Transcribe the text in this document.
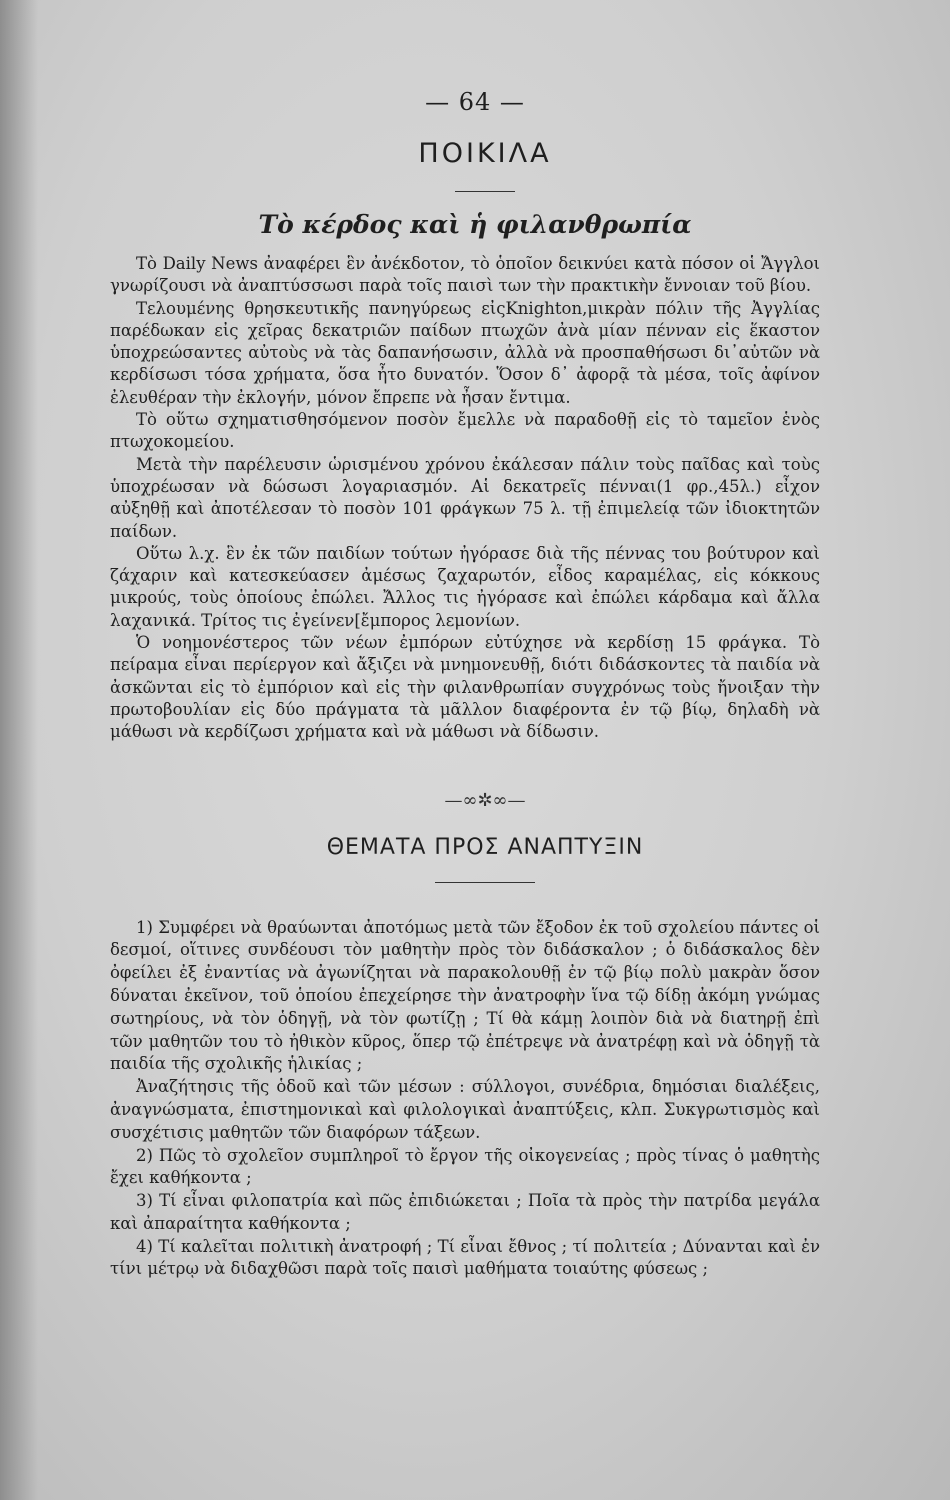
— 64 —
ΠΟΙΚΙΛΑ
Τὸ κέρδος καὶ ἡ φιλανθρωπία

Τὸ Daily News ἀναφέρει ἓν ἀνέκδοτον, τὸ ὁποῖον δεικνύει κατὰ πόσον οἱ Ἄγγλοι γνωρίζουσι νὰ ἀναπτύσσωσι παρὰ τοῖς παισὶ των τὴν πρακτικὴν ἔννοιαν τοῦ βίου.

Τελουμένης θρησκευτικῆς πανηγύρεως εἰςKnighton,μικρὰν πόλιν τῆς Ἀγγλίας παρέδωκαν εἰς χεῖρας δεκατριῶν παίδων πτωχῶν ἀνὰ μίαν πένναν εἰς ἕκαστον ὑποχρεώσαντες αὐτοὺς νὰ τὰς δαπανήσωσιν, ἀλλὰ νὰ προσπαθήσωσι δι᾿αὐτῶν νὰ κερδίσωσι τόσα χρήματα, ὅσα ἦτο δυνατόν. Ὅσον δ᾿ ἀφορᾷ τὰ μέσα, τοῖς ἀφίνον ἐλευθέραν τὴν ἐκλογήν, μόνον ἔπρεπε νὰ ἦσαν ἔντιμα.

Τὸ οὕτω σχηματισθησόμενον ποσὸν ἔμελλε νὰ παραδοθῇ εἰς τὸ ταμεῖον ἑνὸς πτωχοκομείου.

Μετὰ τὴν παρέλευσιν ὡρισμένου χρόνου ἐκάλεσαν πάλιν τοὺς παῖδας καὶ τοὺς ὑποχρέωσαν νὰ δώσωσι λογαριασμόν. Αἱ δεκατρεῖς πένναι(1 φρ.,45λ.) εἶχον αὐξηθῇ καὶ ἀποτέλεσαν τὸ ποσὸν 101 φράγκων 75 λ. τῇ ἐπιμελείᾳ τῶν ἰδιοκτητῶν παίδων.

Οὕτω λ.χ. ἓν ἐκ τῶν παιδίων τούτων ἠγόρασε διὰ τῆς πέννας του βούτυρον καὶ ζάχαριν καὶ κατεσκεύασεν ἀμέσως ζαχαρωτόν, εἶδος καραμέλας, εἰς κόκκους μικρούς, τοὺς ὁποίους ἐπώλει. Ἄλλος τις ἠγόρασε καὶ ἐπώλει κάρδαμα καὶ ἄλλα λαχανικά. Τρίτος τις ἐγείνεν[ἔμπορος λεμονίων.

Ὁ νοημονέστερος τῶν νέων ἐμπόρων εὐτύχησε νὰ κερδίσῃ 15 φράγκα. Τὸ πείραμα εἶναι περίεργον καὶ ἄξιζει νὰ μνημονευθῇ, διότι διδάσκοντες τὰ παιδία νὰ ἀσκῶνται εἰς τὸ ἐμπόριον καὶ εἰς τὴν φιλανθρωπίαν συγχρόνως τοὺς ἤνοιξαν τὴν πρωτοβουλίαν εἰς δύο πράγματα τὰ μᾶλλον διαφέροντα ἐν τῷ βίῳ, δηλαδὴ νὰ μάθωσι νὰ κερδίζωσι χρήματα καὶ νὰ μάθωσι νὰ δίδωσιν.

—∞✲∞—
ΘΕΜΑΤΑ ΠΡΟΣ ΑΝΑΠΤΥΞΙΝ

1) Συμφέρει νὰ θραύωνται ἀποτόμως μετὰ τῶν ἔξοδον ἐκ τοῦ σχολείου πάντες οἱ δεσμοί, οἵτινες συνδέουσι τὸν μαθητὴν πρὸς τὸν διδάσκαλον ; ὁ διδάσκαλος δὲν ὀφείλει ἐξ ἐναντίας νὰ ἀγωνίζηται νὰ παρακολουθῇ ἐν τῷ βίῳ πολὺ μακρὰν ὅσον δύναται ἐκεῖνον, τοῦ ὁποίου ἐπεχείρησε τὴν ἀνατροφὴν ἵνα τῷ δίδῃ ἀκόμη γνώμας σωτηρίους, νὰ τὸν ὁδηγῇ, νὰ τὸν φωτίζῃ ; Τί θὰ κάμῃ λοιπὸν διὰ νὰ διατηρῇ ἐπὶ τῶν μαθητῶν του τὸ ἠθικὸν κῦρος, ὅπερ τῷ ἐπέτρεψε νὰ ἀνατρέφῃ καὶ νὰ ὁδηγῇ τὰ παιδία τῆς σχολικῆς ἡλικίας ;

Ἀναζήτησις τῆς ὁδοῦ καὶ τῶν μέσων : σύλλογοι, συνέδρια, δημόσιαι διαλέξεις, ἀναγνώσματα, ἐπιστημονικαὶ καὶ φιλολογικαὶ ἀναπτύξεις, κλπ. Συκγρωτισμὸς καὶ συσχέτισις μαθητῶν τῶν διαφόρων τάξεων.

2) Πῶς τὸ σχολεῖον συμπληροῖ τὸ ἔργον τῆς οἰκογενείας ; πρὸς τίνας ὁ μαθητὴς ἔχει καθήκοντα ;

3) Τί εἶναι φιλοπατρία καὶ πῶς ἐπιδιώκεται ; Ποῖα τὰ πρὸς τὴν πατρίδα μεγάλα καὶ ἀπαραίτητα καθήκοντα ;

4) Τί καλεῖται πολιτικὴ ἀνατροφή ; Τί εἶναι ἔθνος ; τί πολιτεία ; Δύνανται καὶ ἐν τίνι μέτρῳ νὰ διδαχθῶσι παρὰ τοῖς παισὶ μαθήματα τοιαύτης φύσεως ;
